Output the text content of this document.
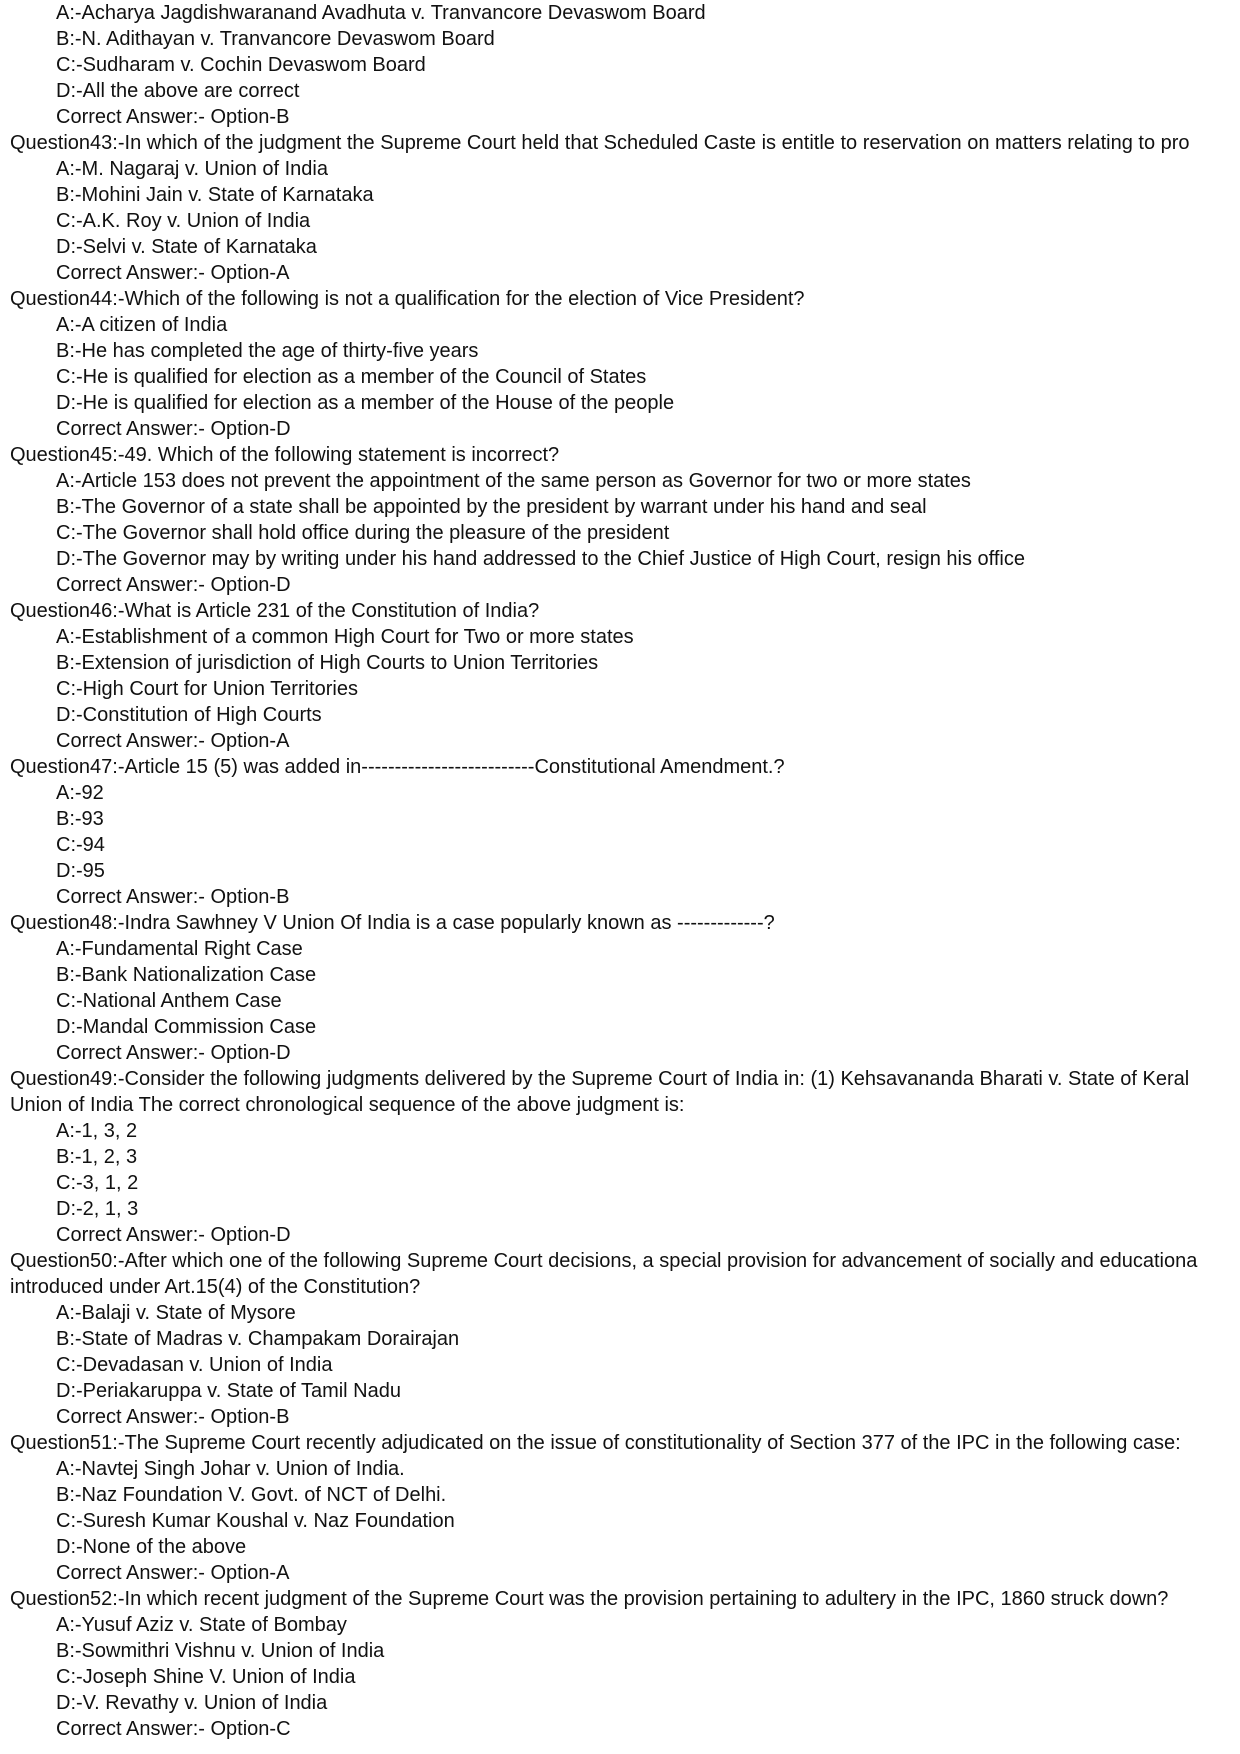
A:-Acharya Jagdishwaranand Avadhuta v. Tranvancore Devaswom Board
B:-N. Adithayan v. Tranvancore Devaswom Board
C:-Sudharam v. Cochin Devaswom Board
D:-All the above are correct
Correct Answer:- Option-B
Question43:-In which of the judgment the Supreme Court held that Scheduled Caste is entitle to reservation on matters relating to pro
A:-M. Nagaraj v. Union of India
B:-Mohini Jain v. State of Karnataka
C:-A.K. Roy v. Union of India
D:-Selvi v. State of Karnataka
Correct Answer:- Option-A
Question44:-Which of the following is not a qualification for the election of Vice President?
A:-A citizen of India
B:-He has completed the age of thirty-five years
C:-He is qualified for election as a member of the Council of States
D:-He is qualified for election as a member of the House of the people
Correct Answer:- Option-D
Question45:-49. Which of the following statement is incorrect?
A:-Article 153 does not prevent the appointment of the same person as Governor for two or more states
B:-The Governor of a state shall be appointed by the president by warrant under his hand and seal
C:-The Governor shall hold office during the pleasure of the president
D:-The Governor may by writing under his hand addressed to the Chief Justice of High Court, resign his office
Correct Answer:- Option-D
Question46:-What is Article 231 of the Constitution of India?
A:-Establishment of a common High Court for Two or more states
B:-Extension of jurisdiction of High Courts to Union Territories
C:-High Court for Union Territories
D:-Constitution of High Courts
Correct Answer:- Option-A
Question47:-Article 15 (5) was added in--------------------------Constitutional Amendment.?
A:-92
B:-93
C:-94
D:-95
Correct Answer:- Option-B
Question48:-Indra Sawhney V Union Of India is a case popularly known as -------------?
A:-Fundamental Right Case
B:-Bank Nationalization Case
C:-National Anthem Case
D:-Mandal Commission Case
Correct Answer:- Option-D
Question49:-Consider the following judgments delivered by the Supreme Court of India in: (1) Kehsavananda Bharati v. State of Keral
Union of India The correct chronological sequence of the above judgment is:
A:-1, 3, 2
B:-1, 2, 3
C:-3, 1, 2
D:-2, 1, 3
Correct Answer:- Option-D
Question50:-After which one of the following Supreme Court decisions, a special provision for advancement of socially and educationa
introduced under Art.15(4) of the Constitution?
A:-Balaji v. State of Mysore
B:-State of Madras v. Champakam Dorairajan
C:-Devadasan v. Union of India
D:-Periakaruppa v. State of Tamil Nadu
Correct Answer:- Option-B
Question51:-The Supreme Court recently adjudicated on the issue of constitutionality of Section 377 of the IPC in the following case:
A:-Navtej Singh Johar v. Union of India.
B:-Naz Foundation V. Govt. of NCT of Delhi.
C:-Suresh Kumar Koushal v. Naz Foundation
D:-None of the above
Correct Answer:- Option-A
Question52:-In which recent judgment of the Supreme Court was the provision pertaining to adultery in the IPC, 1860 struck down?
A:-Yusuf Aziz v. State of Bombay
B:-Sowmithri Vishnu v. Union of India
C:-Joseph Shine V. Union of India
D:-V. Revathy v. Union of India
Correct Answer:- Option-C
